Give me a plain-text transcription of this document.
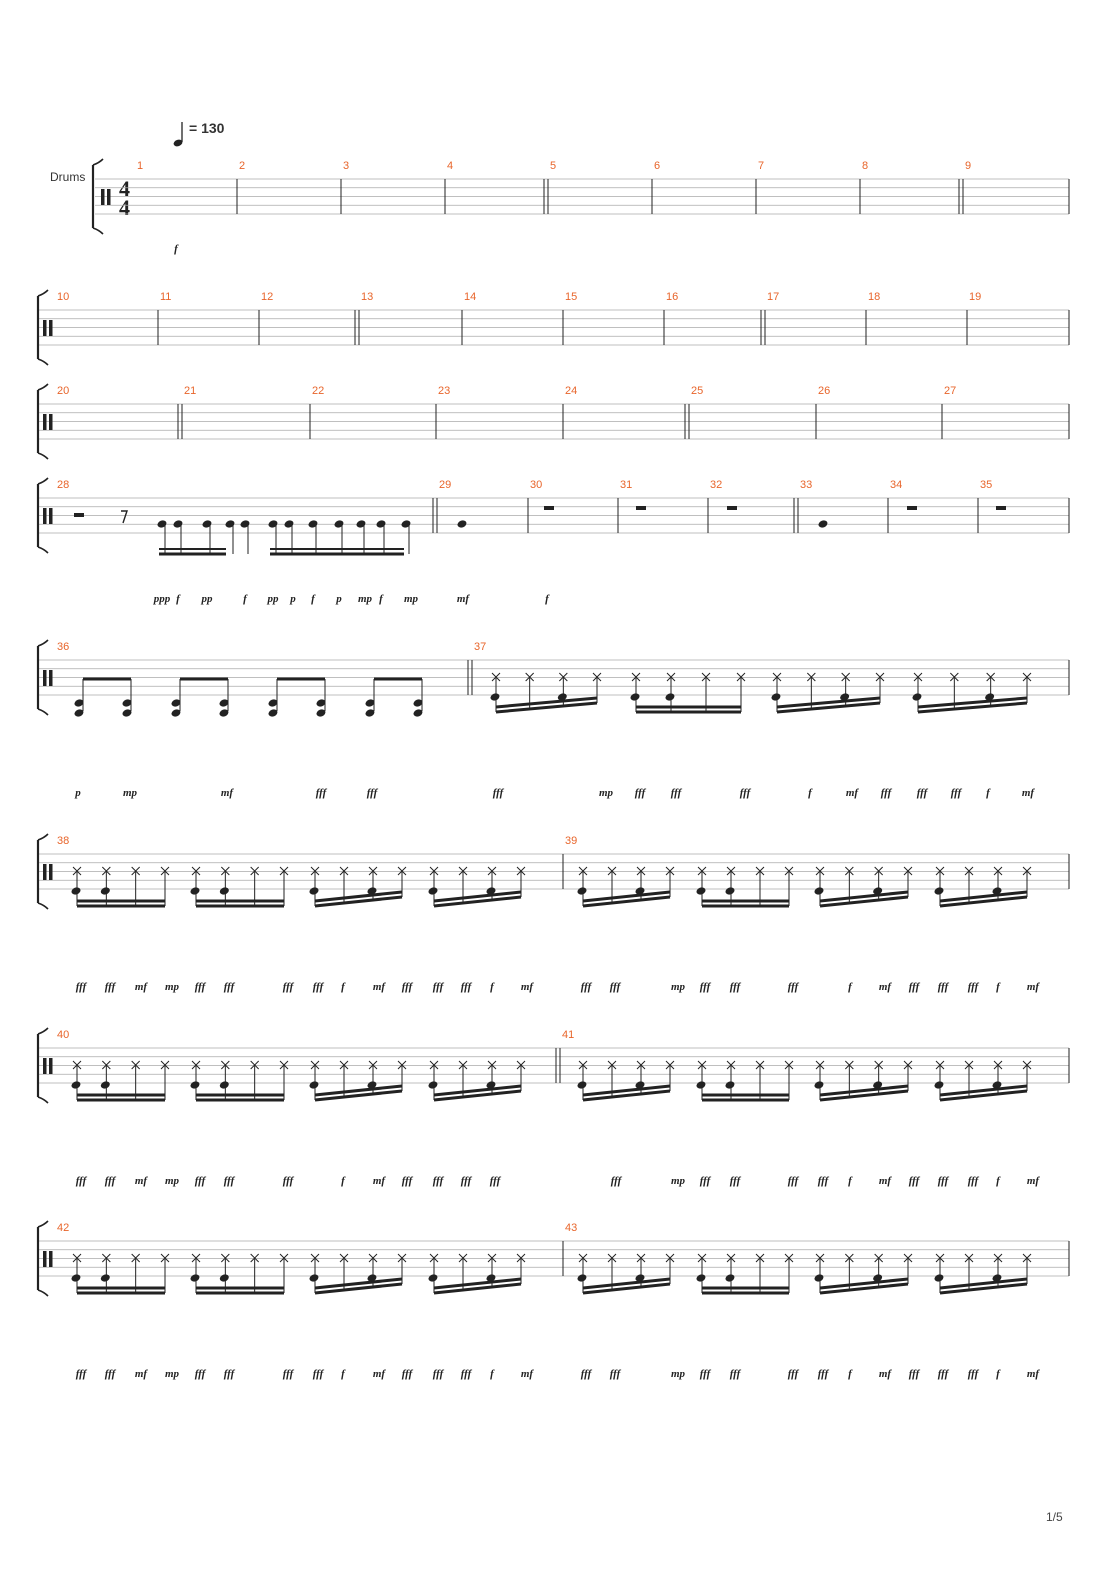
= 130
Drums
1/5
4
4
1	2	3	4	5	6	7	8	9
f
10	11	12	13	14	15	16	17	18	19
20	21	22	23	24	25	26	27
28	29	30	31	32	33	34	35
ppp f pp	f pp p f p mp f mp	mf	f
36	37
p	mp	mf	fff	fff	fff	mp fff fff	fff	f	mf fff fff fff f	mf
38	39
fff fff mf mp fff fff	fff fff f	mf fff fff fff f mf	fff fff	mp fff fff	fff	f mf fff fff fff f mf
40	41
fff fff mf mp fff fff	fff	f	mf fff fff fff fff	fff	mp fff fff	fff fff f mf fff fff fff f mf
42	43
fff fff mf mp fff fff	fff fff f	mf fff fff fff f mf	fff fff	mp fff fff	fff fff f mf fff fff fff f mf
